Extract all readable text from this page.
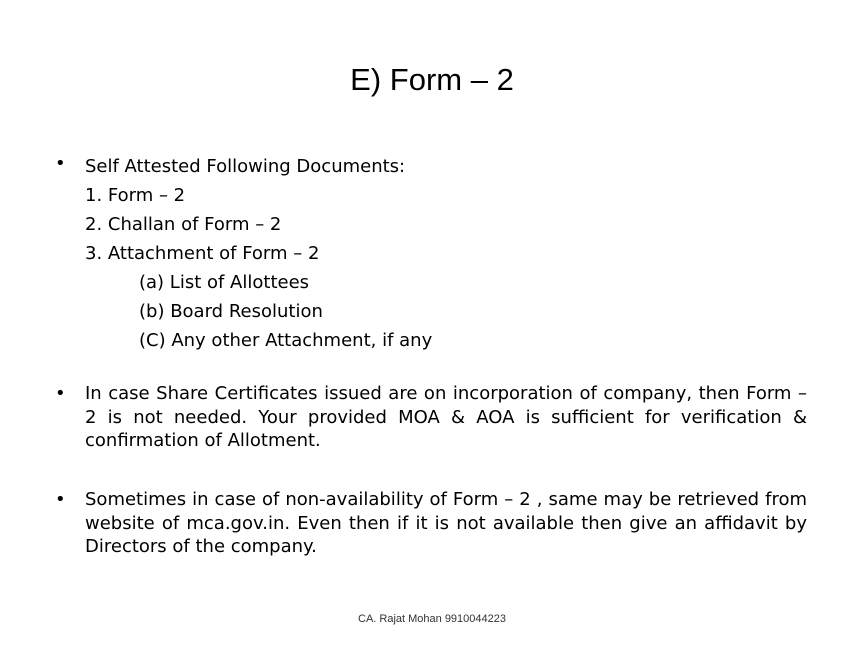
E) Form – 2
•	Self Attested Following Documents:
1. Form – 2
2. Challan of Form – 2
3. Attachment of Form – 2
(a) List of Allottees
(b) Board Resolution
(C) Any other Attachment, if any
•	In case Share Certificates issued are on incorporation of company, then Form – 2 is not needed. Your provided MOA & AOA is sufficient for verification & confirmation of Allotment.
•	Sometimes in case of non-availability of Form – 2 , same may be retrieved from website of mca.gov.in. Even then if it is not available then give an affidavit by Directors of the company.
CA. Rajat Mohan 9910044223
